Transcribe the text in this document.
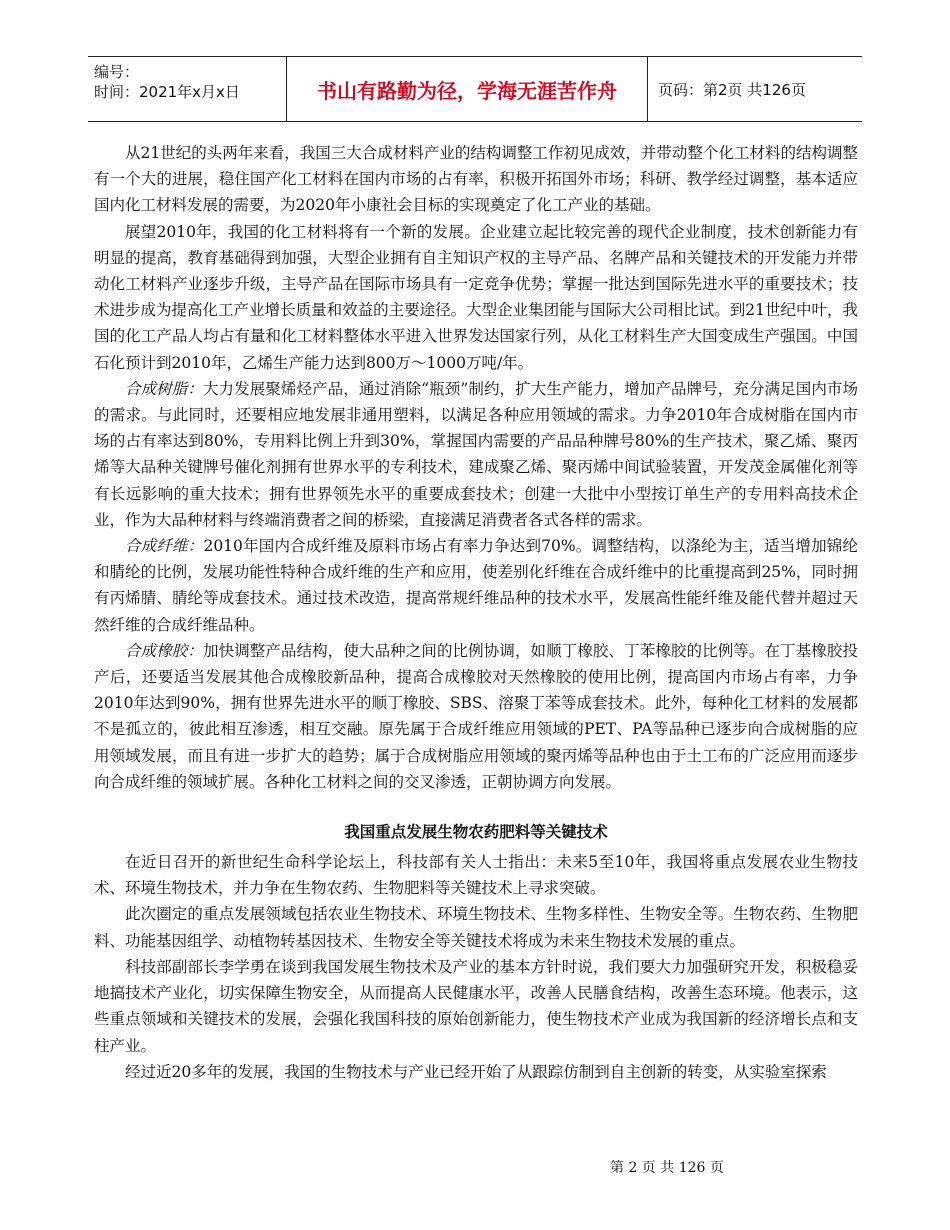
编号：
时间：2021年x月x日	书山有路勤为径，学海无涯苦作舟	页码：第2页 共126页

从21世纪的头两年来看，我国三大合成材料产业的结构调整工作初见成效，并带动整个化工材料的结构调整有一个大的进展，稳住国产化工材料在国内市场的占有率，积极开拓国外市场；科研、教学经过调整，基本适应国内化工材料发展的需要，为2020年小康社会目标的实现奠定了化工产业的基础。

展望2010年，我国的化工材料将有一个新的发展。企业建立起比较完善的现代企业制度，技术创新能力有明显的提高，教育基础得到加强，大型企业拥有自主知识产权的主导产品、名牌产品和关键技术的开发能力并带动化工材料产业逐步升级，主导产品在国际市场具有一定竞争优势；掌握一批达到国际先进水平的重要技术；技术进步成为提高化工产业增长质量和效益的主要途径。大型企业集团能与国际大公司相比试。到21世纪中叶，我国的化工产品人均占有量和化工材料整体水平进入世界发达国家行列，从化工材料生产大国变成生产强国。中国石化预计到2010年，乙烯生产能力达到800万～1000万吨/年。

合成树脂：大力发展聚烯烃产品，通过消除“瓶颈”制约，扩大生产能力，增加产品牌号，充分满足国内市场的需求。与此同时，还要相应地发展非通用塑料，以满足各种应用领域的需求。力争2010年合成树脂在国内市场的占有率达到80%，专用料比例上升到30%，掌握国内需要的产品品种牌号80%的生产技术，聚乙烯、聚丙烯等大品种关键牌号催化剂拥有世界水平的专利技术，建成聚乙烯、聚丙烯中间试验装置，开发茂金属催化剂等有长远影响的重大技术；拥有世界领先水平的重要成套技术；创建一大批中小型按订单生产的专用料高技术企业，作为大品种材料与终端消费者之间的桥梁，直接满足消费者各式各样的需求。

合成纤维：2010年国内合成纤维及原料市场占有率力争达到70%。调整结构，以涤纶为主，适当增加锦纶和腈纶的比例，发展功能性特种合成纤维的生产和应用，使差别化纤维在合成纤维中的比重提高到25%，同时拥有丙烯腈、腈纶等成套技术。通过技术改造，提高常规纤维品种的技术水平，发展高性能纤维及能代替并超过天然纤维的合成纤维品种。

合成橡胶：加快调整产品结构，使大品种之间的比例协调，如顺丁橡胶、丁苯橡胶的比例等。在丁基橡胶投产后，还要适当发展其他合成橡胶新品种，提高合成橡胶对天然橡胶的使用比例，提高国内市场占有率，力争2010年达到90%，拥有世界先进水平的顺丁橡胶、SBS、溶聚丁苯等成套技术。此外，每种化工材料的发展都不是孤立的，彼此相互渗透，相互交融。原先属于合成纤维应用领域的PET、PA等品种已逐步向合成树脂的应用领域发展，而且有进一步扩大的趋势；属于合成树脂应用领域的聚丙烯等品种也由于土工布的广泛应用而逐步向合成纤维的领域扩展。各种化工材料之间的交叉渗透，正朝协调方向发展。

我国重点发展生物农药肥料等关键技术

在近日召开的新世纪生命科学论坛上，科技部有关人士指出：未来5至10年，我国将重点发展农业生物技术、环境生物技术，并力争在生物农药、生物肥料等关键技术上寻求突破。

此次圈定的重点发展领域包括农业生物技术、环境生物技术、生物多样性、生物安全等。生物农药、生物肥料、功能基因组学、动植物转基因技术、生物安全等关键技术将成为未来生物技术发展的重点。

科技部副部长李学勇在谈到我国发展生物技术及产业的基本方针时说，我们要大力加强研究开发，积极稳妥地搞技术产业化，切实保障生物安全，从而提高人民健康水平，改善人民膳食结构，改善生态环境。他表示，这些重点领域和关键技术的发展，会强化我国科技的原始创新能力，使生物技术产业成为我国新的经济增长点和支柱产业。

经过近20多年的发展，我国的生物技术与产业已经开始了从跟踪仿制到自主创新的转变，从实验室探索

第 2 页 共 126 页
